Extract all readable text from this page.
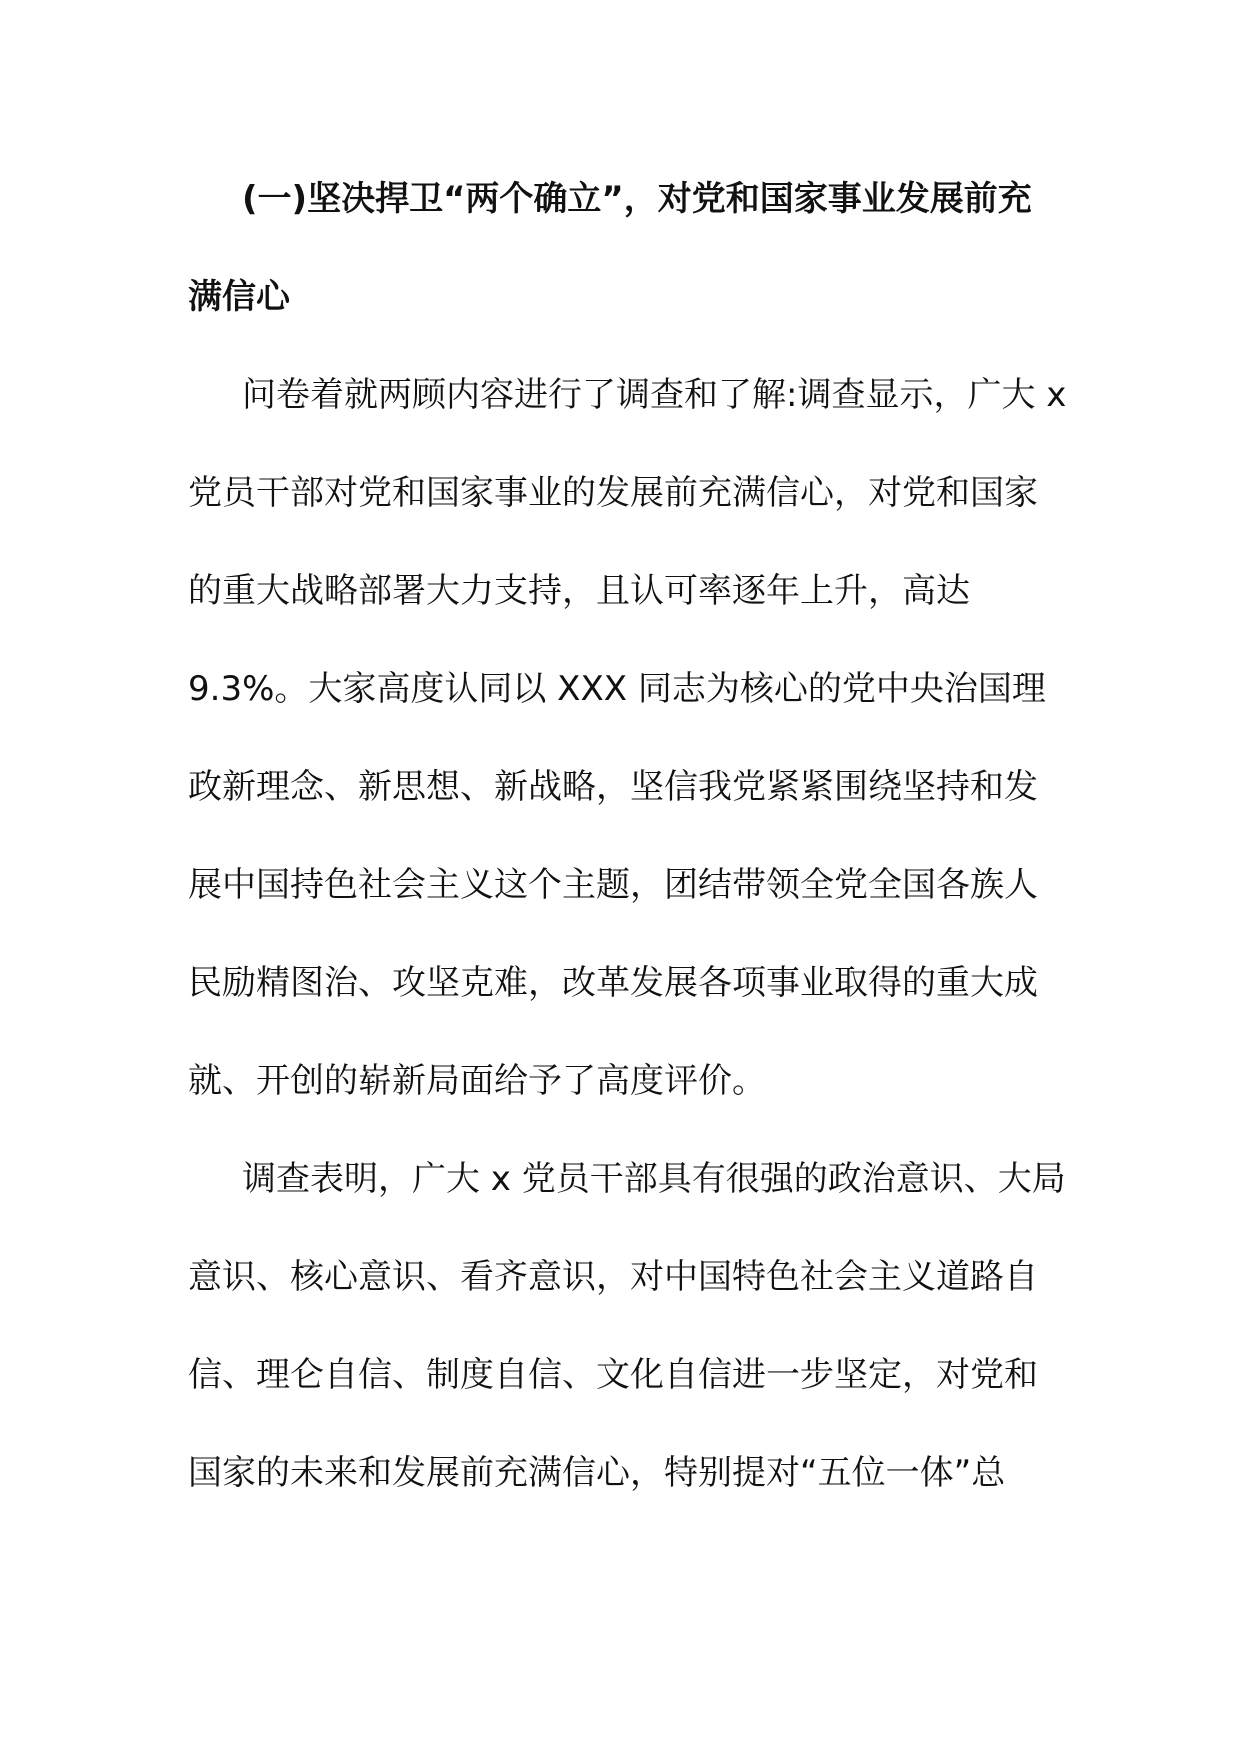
(一)坚决捍卫“两个确立”，对党和国家事业发展前充
满信心
问卷着就两顾内容进行了调查和了解:调查显示，广大 x
党员干部对党和国家事业的发展前充满信心，对党和国家
的重大战略部署大力支持，且认可率逐年上升，高达
9.3%。大家高度认同以 XXX 同志为核心的党中央治国理
政新理念、新思想、新战略，坚信我党紧紧围绕坚持和发
展中国持色社会主义这个主题，团结带领全党全国各族人
民励精图治、攻坚克难，改革发展各项事业取得的重大成
就、开创的崭新局面给予了高度评价。
调查表明，广大 x 党员干部具有很强的政治意识、大局
意识、核心意识、看齐意识，对中国特色社会主义道路自
信、理仑自信、制度自信、文化自信进一步坚定，对党和
国家的未来和发展前充满信心，特别提对“五位一体”总
